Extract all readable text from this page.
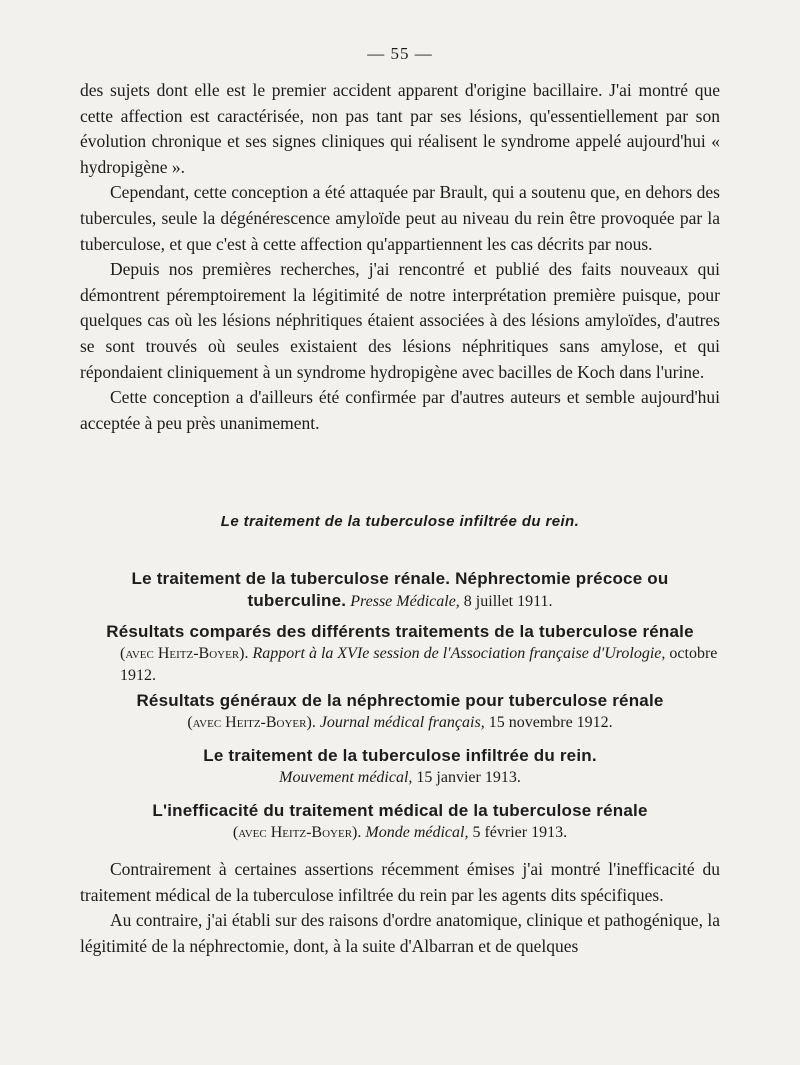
— 55 —

des sujets dont elle est le premier accident apparent d'origine bacillaire. J'ai montré que cette affection est caractérisée, non pas tant par ses lésions, qu'essentiellement par son évolution chronique et ses signes cliniques qui réalisent le syndrome appelé aujourd'hui « hydropigène ».

Cependant, cette conception a été attaquée par Brault, qui a soutenu que, en dehors des tubercules, seule la dégénérescence amyloïde peut au niveau du rein être provoquée par la tuberculose, et que c'est à cette affection qu'appartiennent les cas décrits par nous.

Depuis nos premières recherches, j'ai rencontré et publié des faits nouveaux qui démontrent péremptoirement la légitimité de notre interprétation première puisque, pour quelques cas où les lésions néphritiques étaient associées à des lésions amyloïdes, d'autres se sont trouvés où seules existaient des lésions néphritiques sans amylose, et qui répondaient cliniquement à un syndrome hydropigène avec bacilles de Koch dans l'urine.

Cette conception a d'ailleurs été confirmée par d'autres auteurs et semble aujourd'hui acceptée à peu près unanimement.

Le traitement de la tuberculose infiltrée du rein.
Le traitement de la tuberculose rénale. Néphrectomie précoce ou tuberculine. Presse Médicale, 8 juillet 1911.
Résultats comparés des différents traitements de la tuberculose rénale
(avec Heitz-Boyer). Rapport à la XVIe session de l'Association française d'Urologie, octobre 1912.
Résultats généraux de la néphrectomie pour tuberculose rénale
(avec Heitz-Boyer). Journal médical français, 15 novembre 1912.
Le traitement de la tuberculose infiltrée du rein.
Mouvement médical, 15 janvier 1913.
L'inefficacité du traitement médical de la tuberculose rénale
(avec Heitz-Boyer). Monde médical, 5 février 1913.

Contrairement à certaines assertions récemment émises j'ai montré l'inefficacité du traitement médical de la tuberculose infiltrée du rein par les agents dits spécifiques.

Au contraire, j'ai établi sur des raisons d'ordre anatomique, clinique et pathogénique, la légitimité de la néphrectomie, dont, à la suite d'Albarran et de quelques
